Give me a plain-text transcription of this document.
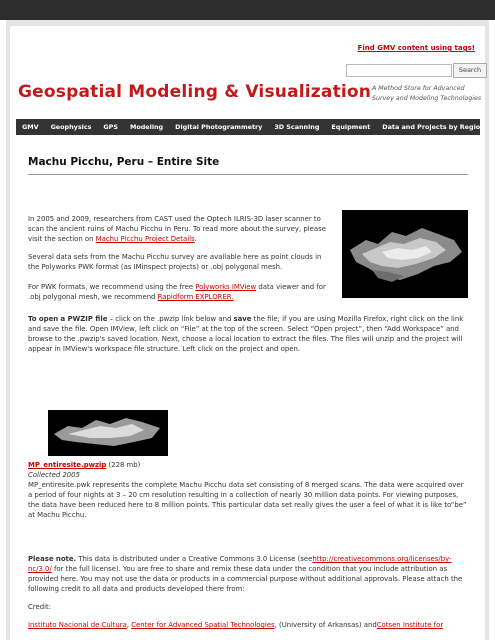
Find GMV content using tags!
Search
Geospatial Modeling & Visualization A Method Store for Advanced Survey and Modeling Technologies
GMV	Geophysics	GPS	Modeling	Digital Photogrammetry	3D Scanning	Equipment	Data and Projects by Region
Machu Picchu, Peru – Entire Site
In 2005 and 2009, researchers from CAST used the Optech ILRIS-3D laser scanner to scan the ancient ruins of Machu Picchu in Peru. To read more about the survey, please visit the section on Machu Picchu Project Details.
Several data sets from the Machu Picchu survey are available here as point clouds in the Polyworks PWK format (as IMinspect projects) or .obj polygonal mesh.
For PWK formats, we recommend using the free Polyworks IMView data viewer and for .obj polygonal mesh, we recommend Rapidform EXPLORER.
To open a PWZIP file – click on the .pwzip link below and save the file; if you are using Mozilla Firefox, right click on the link and save the file. Open IMView, left click on “File” at the top of the screen. Select “Open project”, then “Add Workspace” and browse to the .pwzip's saved location. Next, choose a local location to extract the files. The files will unzip and the project will appear in IMView's workspace file structure. Left click on the project and open.
MP_entiresite.pwzip (228 mb)
Collected 2005
MP_entiresite.pwk represents the complete Machu Picchu data set consisting of 8 merged scans. The data were acquired over a period of four nights at 3 – 20 cm resolution resulting in a collection of nearly 30 million data points. For viewing purposes, the data have been reduced here to 8 million points. This particular data set really gives the user a feel of what it is like to“be” at Machu Picchu.
Please note. This data is distributed under a Creative Commons 3.0 License (seehttp://creativecommons.org/licenses/by-nc/3.0/ for the full license). You are free to share and remix these data under the condition that you include attribution as provided here. You may not use the data or products in a commercial purpose without additional approvals. Please attach the following credit to all data and products developed there from:
Credit:
Instituto Nacional de Cultura, Center for Advanced Spatial Technologies, (University of Arkansas) andCotsen Institute for
